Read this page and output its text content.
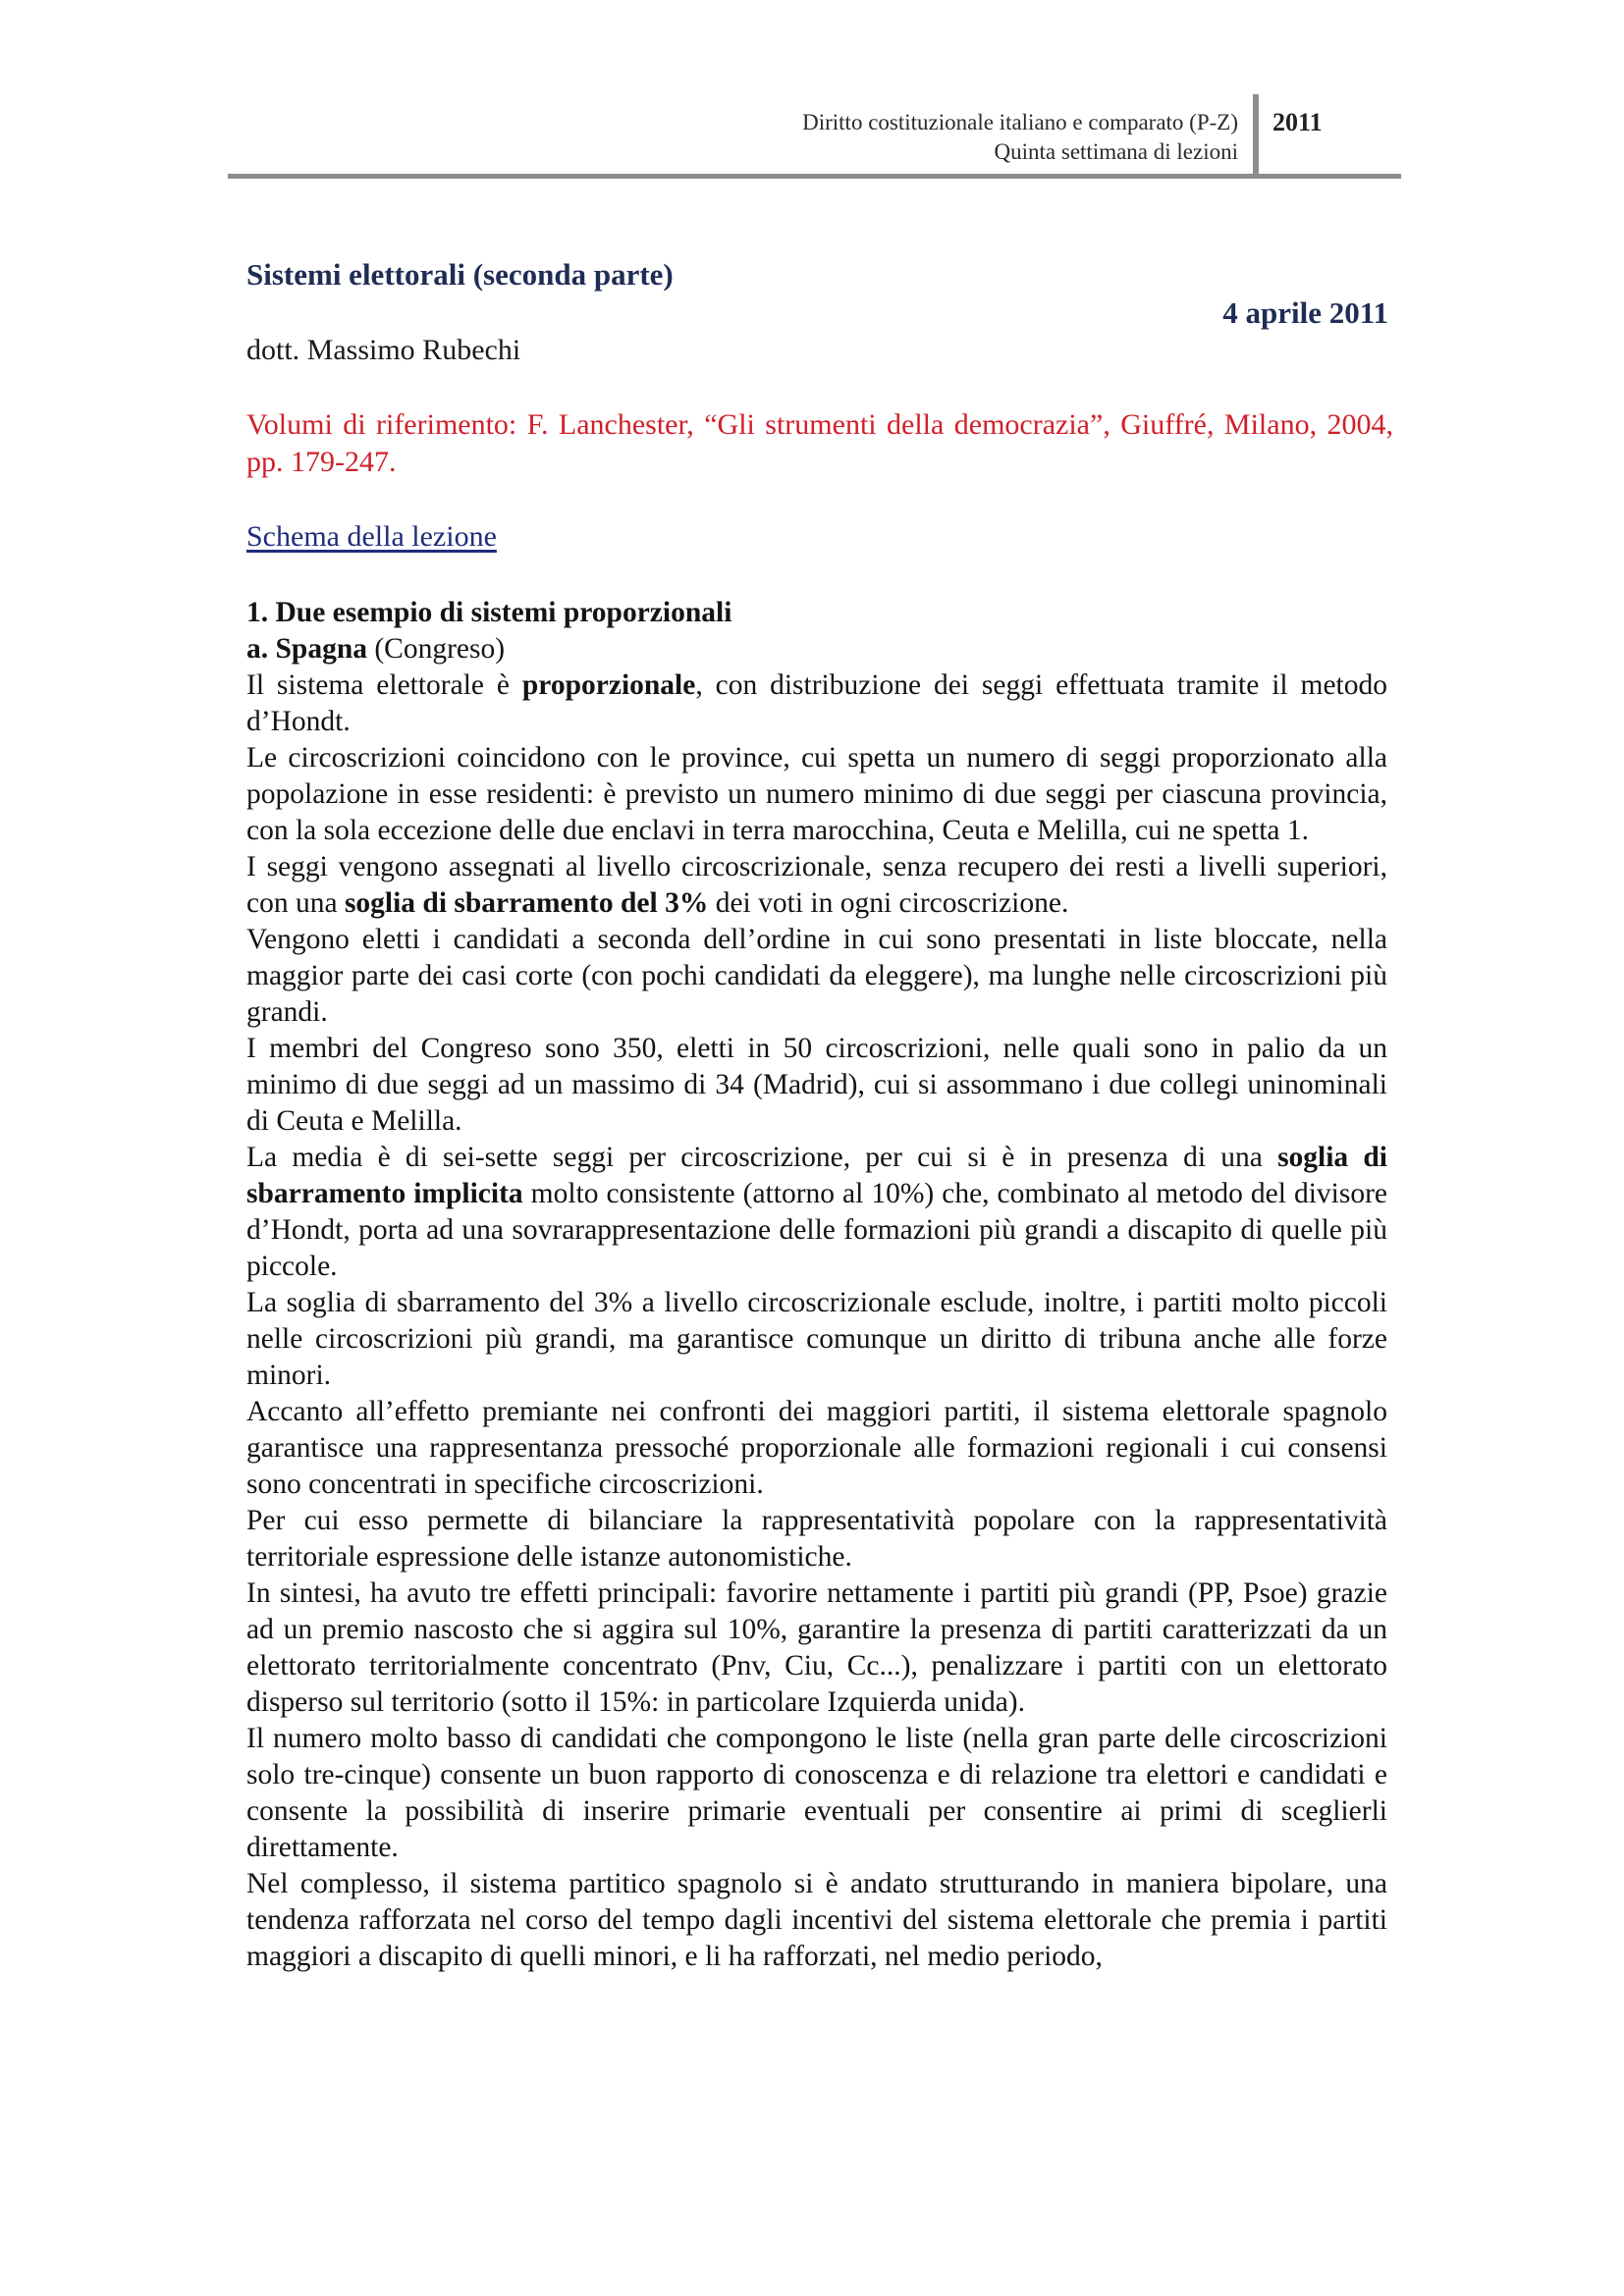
Diritto costituzionale italiano e comparato (P-Z)
Quinta settimana di lezioni
2011
Sistemi elettorali (seconda parte)
4 aprile 2011
dott. Massimo Rubechi
Volumi di riferimento: F. Lanchester, “Gli strumenti della democrazia”, Giuffré, Milano, 2004, pp. 179-247.
Schema della lezione

1. Due esempio di sistemi proporzionali

a. Spagna (Congreso)

Il sistema elettorale è proporzionale, con distribuzione dei seggi effettuata tramite il metodo d’Hondt.

Le circoscrizioni coincidono con le province, cui spetta un numero di seggi proporzionato alla popolazione in esse residenti: è previsto un numero minimo di due seggi per ciascuna provincia, con la sola eccezione delle due enclavi in terra marocchina, Ceuta e Melilla, cui ne spetta 1.

I seggi vengono assegnati al livello circoscrizionale, senza recupero dei resti a livelli superiori, con una soglia di sbarramento del 3% dei voti in ogni circoscrizione.

Vengono eletti i candidati a seconda dell’ordine in cui sono presentati in liste bloccate, nella maggior parte dei casi corte (con pochi candidati da eleggere), ma lunghe nelle circoscrizioni più grandi.

I membri del Congreso sono 350, eletti in 50 circoscrizioni, nelle quali sono in palio da un minimo di due seggi ad un massimo di 34 (Madrid), cui si assommano i due collegi uninominali di Ceuta e Melilla.

La media è di sei-sette seggi per circoscrizione, per cui si è in presenza di una soglia di sbarramento implicita molto consistente (attorno al 10%) che, combinato al metodo del divisore d’Hondt, porta ad una sovrarappresentazione delle formazioni più grandi a discapito di quelle più piccole.

La soglia di sbarramento del 3% a livello circoscrizionale esclude, inoltre, i partiti molto piccoli nelle circoscrizioni più grandi, ma garantisce comunque un diritto di tribuna anche alle forze minori.

Accanto all’effetto premiante nei confronti dei maggiori partiti, il sistema elettorale spagnolo garantisce una rappresentanza pressoché proporzionale alle formazioni regionali i cui consensi sono concentrati in specifiche circoscrizioni.

Per cui esso permette di bilanciare la rappresentatività popolare con la rappresentatività territoriale espressione delle istanze autonomistiche.

In sintesi, ha avuto tre effetti principali: favorire nettamente i partiti più grandi (PP, Psoe) grazie ad un premio nascosto che si aggira sul 10%, garantire la presenza di partiti caratterizzati da un elettorato territorialmente concentrato (Pnv, Ciu, Cc...), penalizzare i partiti con un elettorato disperso sul territorio (sotto il 15%: in particolare Izquierda unida).

Il numero molto basso di candidati che compongono le liste (nella gran parte delle circoscrizioni solo tre-cinque) consente un buon rapporto di conoscenza e di relazione tra elettori e candidati e consente la possibilità di inserire primarie eventuali per consentire ai primi di sceglierli direttamente.

Nel complesso, il sistema partitico spagnolo si è andato strutturando in maniera bipolare, una tendenza rafforzata nel corso del tempo dagli incentivi del sistema elettorale che premia i partiti maggiori a discapito di quelli minori, e li ha rafforzati, nel medio periodo,
